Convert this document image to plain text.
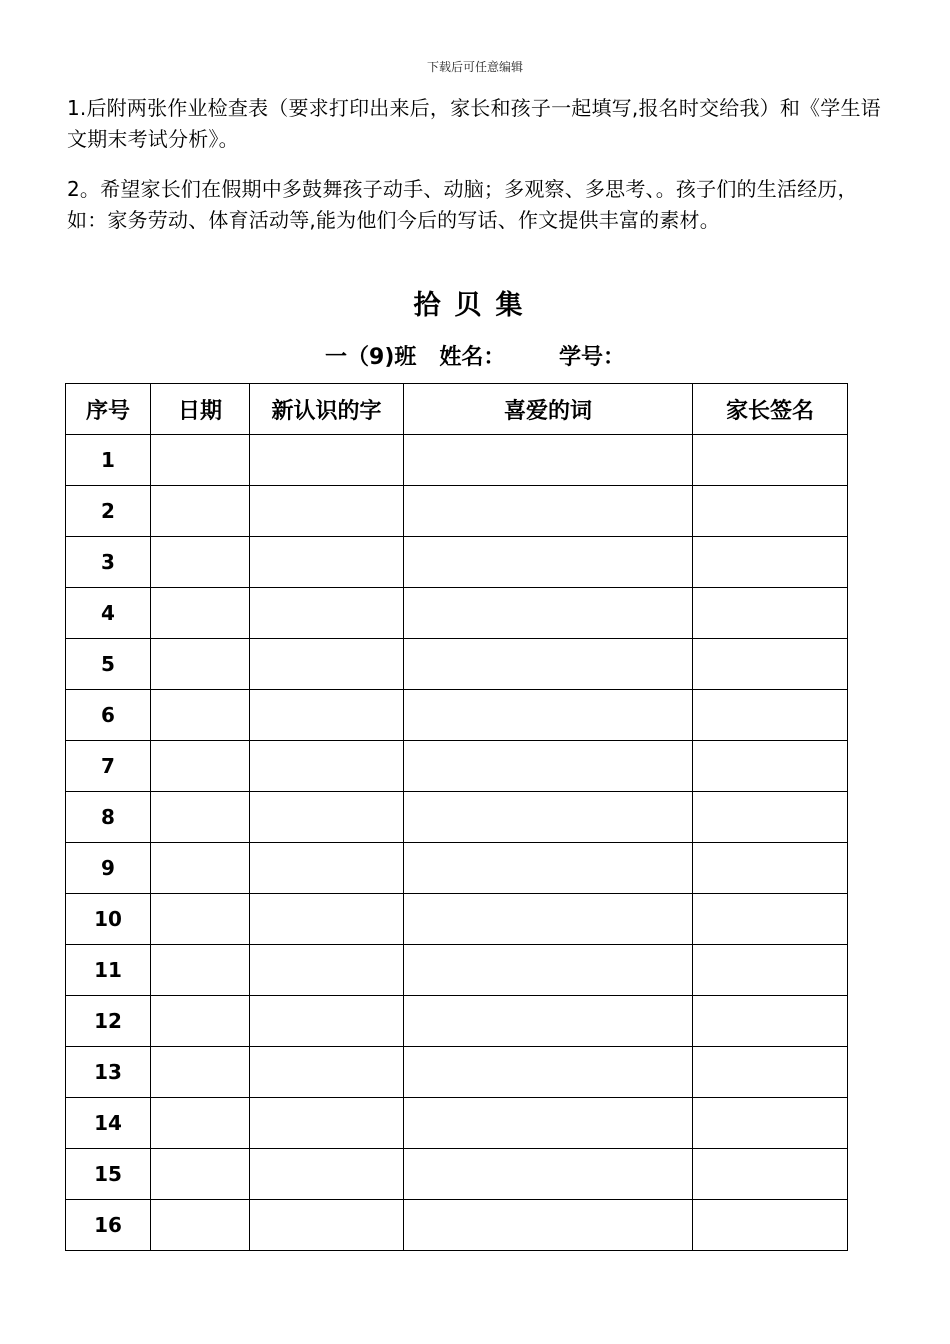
下载后可任意编辑
1.后附两张作业检查表（要求打印出来后，家长和孩子一起填写,报名时交给我）和《学生语文期末考试分析》。
2。希望家长们在假期中多鼓舞孩子动手、动脑；多观察、多思考、。孩子们的生活经历，如：家务劳动、体育活动等,能为他们今后的写话、作文提供丰富的素材。
拾贝集
一（9)班   姓名：       学号：
序号	日期	新认识的字	喜爱的词	家长签名
1				
2				
3				
4				
5				
6				
7				
8				
9				
10				
11				
12				
13				
14				
15				
16				
